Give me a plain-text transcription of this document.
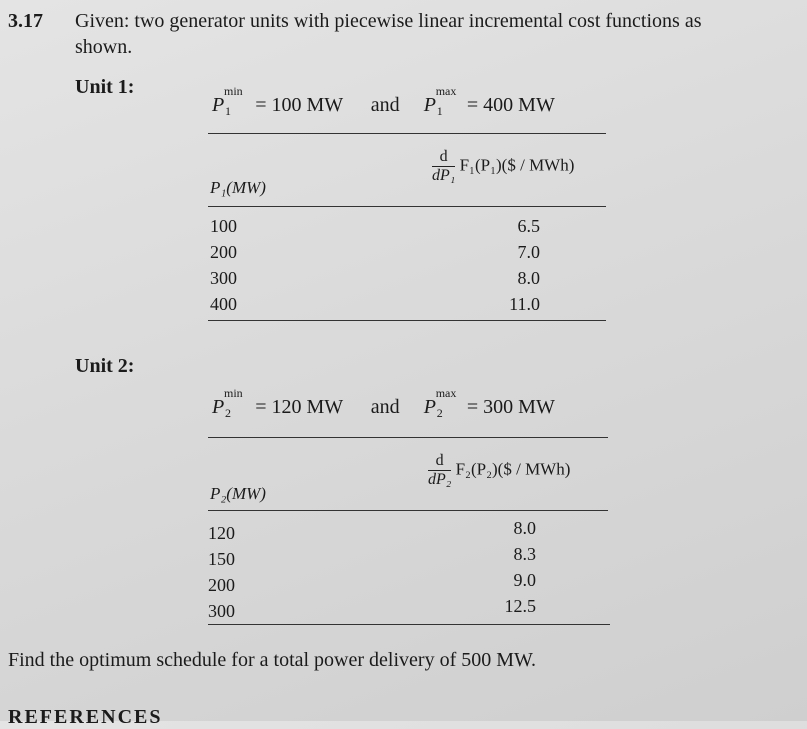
3.17 Given: two generator units with piecewise linear incremental cost functions as
shown.
Unit 1:
P
min
1 = 100 MW and P
max
1 = 400 MW
P₁(MW)
$\frac{d}{\text{dP₁}}$ F₁(P₁)($ / MWh)
100
200
300
400
6.5
7.0
8.0
11.0
Unit 2:
P
min
2 = 120 MW and P
max
2 = 300 MW
P₂(MW)
$\frac{d}{\text{dP₂}}$ F₂(P₂)($ / MWh)
120
150
200
300
8.0
8.3
9.0
12.5
Find the optimum schedule for a total power delivery of 500 MW.
REFERENCES
